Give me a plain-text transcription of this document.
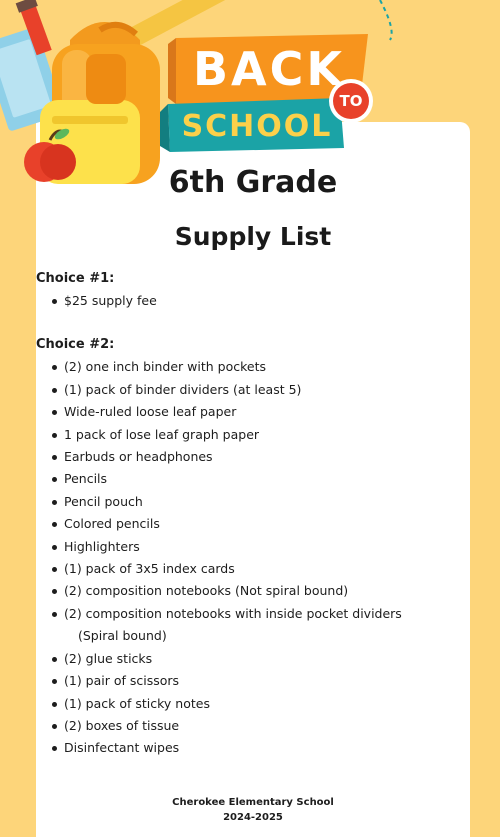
BACK
TO
SCHOOL
6th Grade
Supply List
Choice #1:
$25 supply fee
Choice #2:
(2) one inch binder with pockets
(1) pack of binder dividers (at least 5)
Wide-ruled loose leaf paper
1 pack of lose leaf graph paper
Earbuds or headphones
Pencils
Pencil pouch
Colored pencils
Highlighters
(1) pack of 3x5 index cards
(2) composition notebooks (Not spiral bound)
(2) composition notebooks with inside pocket dividers
(Spiral bound)
(2) glue sticks
(1) pair of scissors
(1) pack of sticky notes
(2) boxes of tissue
Disinfectant wipes
Cherokee Elementary School
2024-2025
